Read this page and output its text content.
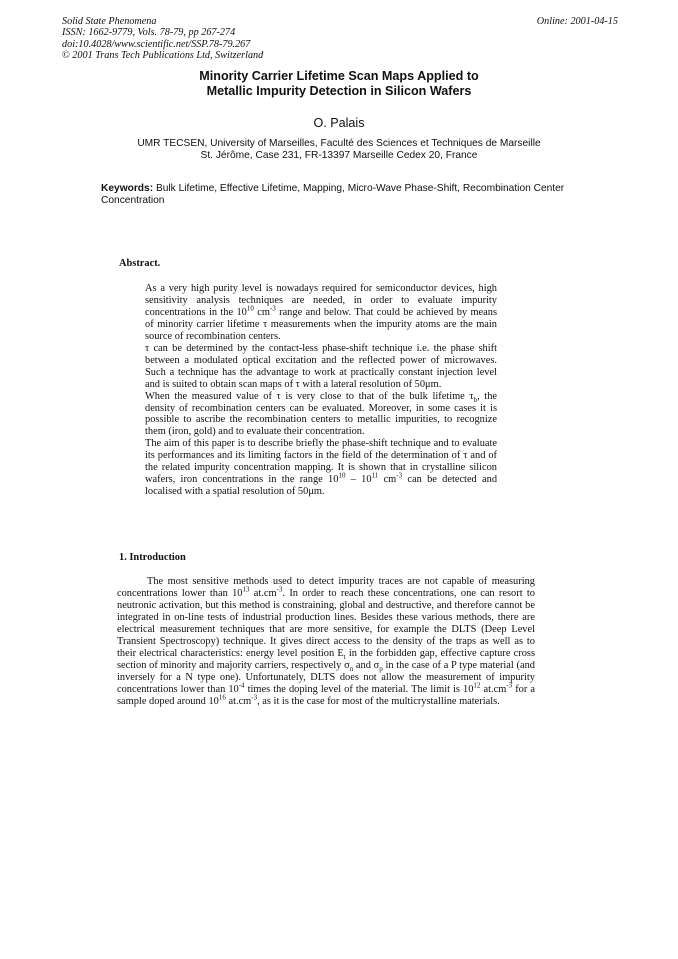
Solid State Phenomena
ISSN: 1662-9779, Vols. 78-79, pp 267-274
doi:10.4028/www.scientific.net/SSP.78-79.267
© 2001 Trans Tech Publications Ltd, Switzerland
Online: 2001-04-15
Minority Carrier Lifetime Scan Maps Applied to
Metallic Impurity Detection in Silicon Wafers
O. Palais
UMR TECSEN, University of Marseilles, Faculté des Sciences et Techniques de Marseille
St. Jérôme, Case 231, FR-13397 Marseille Cedex 20, France
Keywords: Bulk Lifetime, Effective Lifetime, Mapping, Micro-Wave Phase-Shift, Recombination Center Concentration
Abstract.

As a very high purity level is nowadays required for semiconductor devices, high sensitivity analysis techniques are needed, in order to evaluate impurity concentrations in the $10^{10}$ $cm^{-3}$ range and below. That could be achieved by means of minority carrier lifetime τ measurements when the impurity atoms are the main source of recombination centers.

τ can be determined by the contact-less phase-shift technique i.e. the phase shift between a modulated optical excitation and the reflected power of microwaves. Such a technique has the advantage to work at practically constant injection level and is suited to obtain scan maps of τ with a lateral resolution of 50μm.

When the measured value of τ is very close to that of the bulk lifetime $\tau_b$, the density of recombination centers can be evaluated. Moreover, in some cases it is possible to ascribe the recombination centers to metallic impurities, to recognize them (iron, gold) and to evaluate their concentration.

The aim of this paper is to describe briefly the phase-shift technique and to evaluate its performances and its limiting factors in the field of the determination of τ and of the related impurity concentration mapping. It is shown that in crystalline silicon wafers, iron concentrations in the range $10^{10} - 10^{11}$ $cm^{-3}$ can be detected and localised with a spatial resolution of 50μm.

1. Introduction

The most sensitive methods used to detect impurity traces are not capable of measuring concentrations lower than $10^{13}$ $at.cm^{-3}$. In order to reach these concentrations, one can resort to neutronic activation, but this method is constraining, global and destructive, and therefore cannot be integrated in on-line tests of industrial production lines. Besides these various methods, there are electrical measurement techniques that are more sensitive, for example the DLTS (Deep Level Transient Spectroscopy) technique. It gives direct access to the density of the traps as well as to their electrical characteristics: energy level position $E_t$ in the forbidden gap, effective capture cross section of minority and majority carriers, respectively $\sigma_n$ and $\sigma_p$ in the case of a P type material (and inversely for a N type one). Unfortunately, DLTS does not allow the measurement of impurity concentrations lower than $10^{-4}$ times the doping level of the material. The limit is $10^{12}$ $at.cm^{-3}$ for a sample doped around $10^{16}$ $at.cm^{-3}$, as it is the case for most of the multicrystalline materials.
